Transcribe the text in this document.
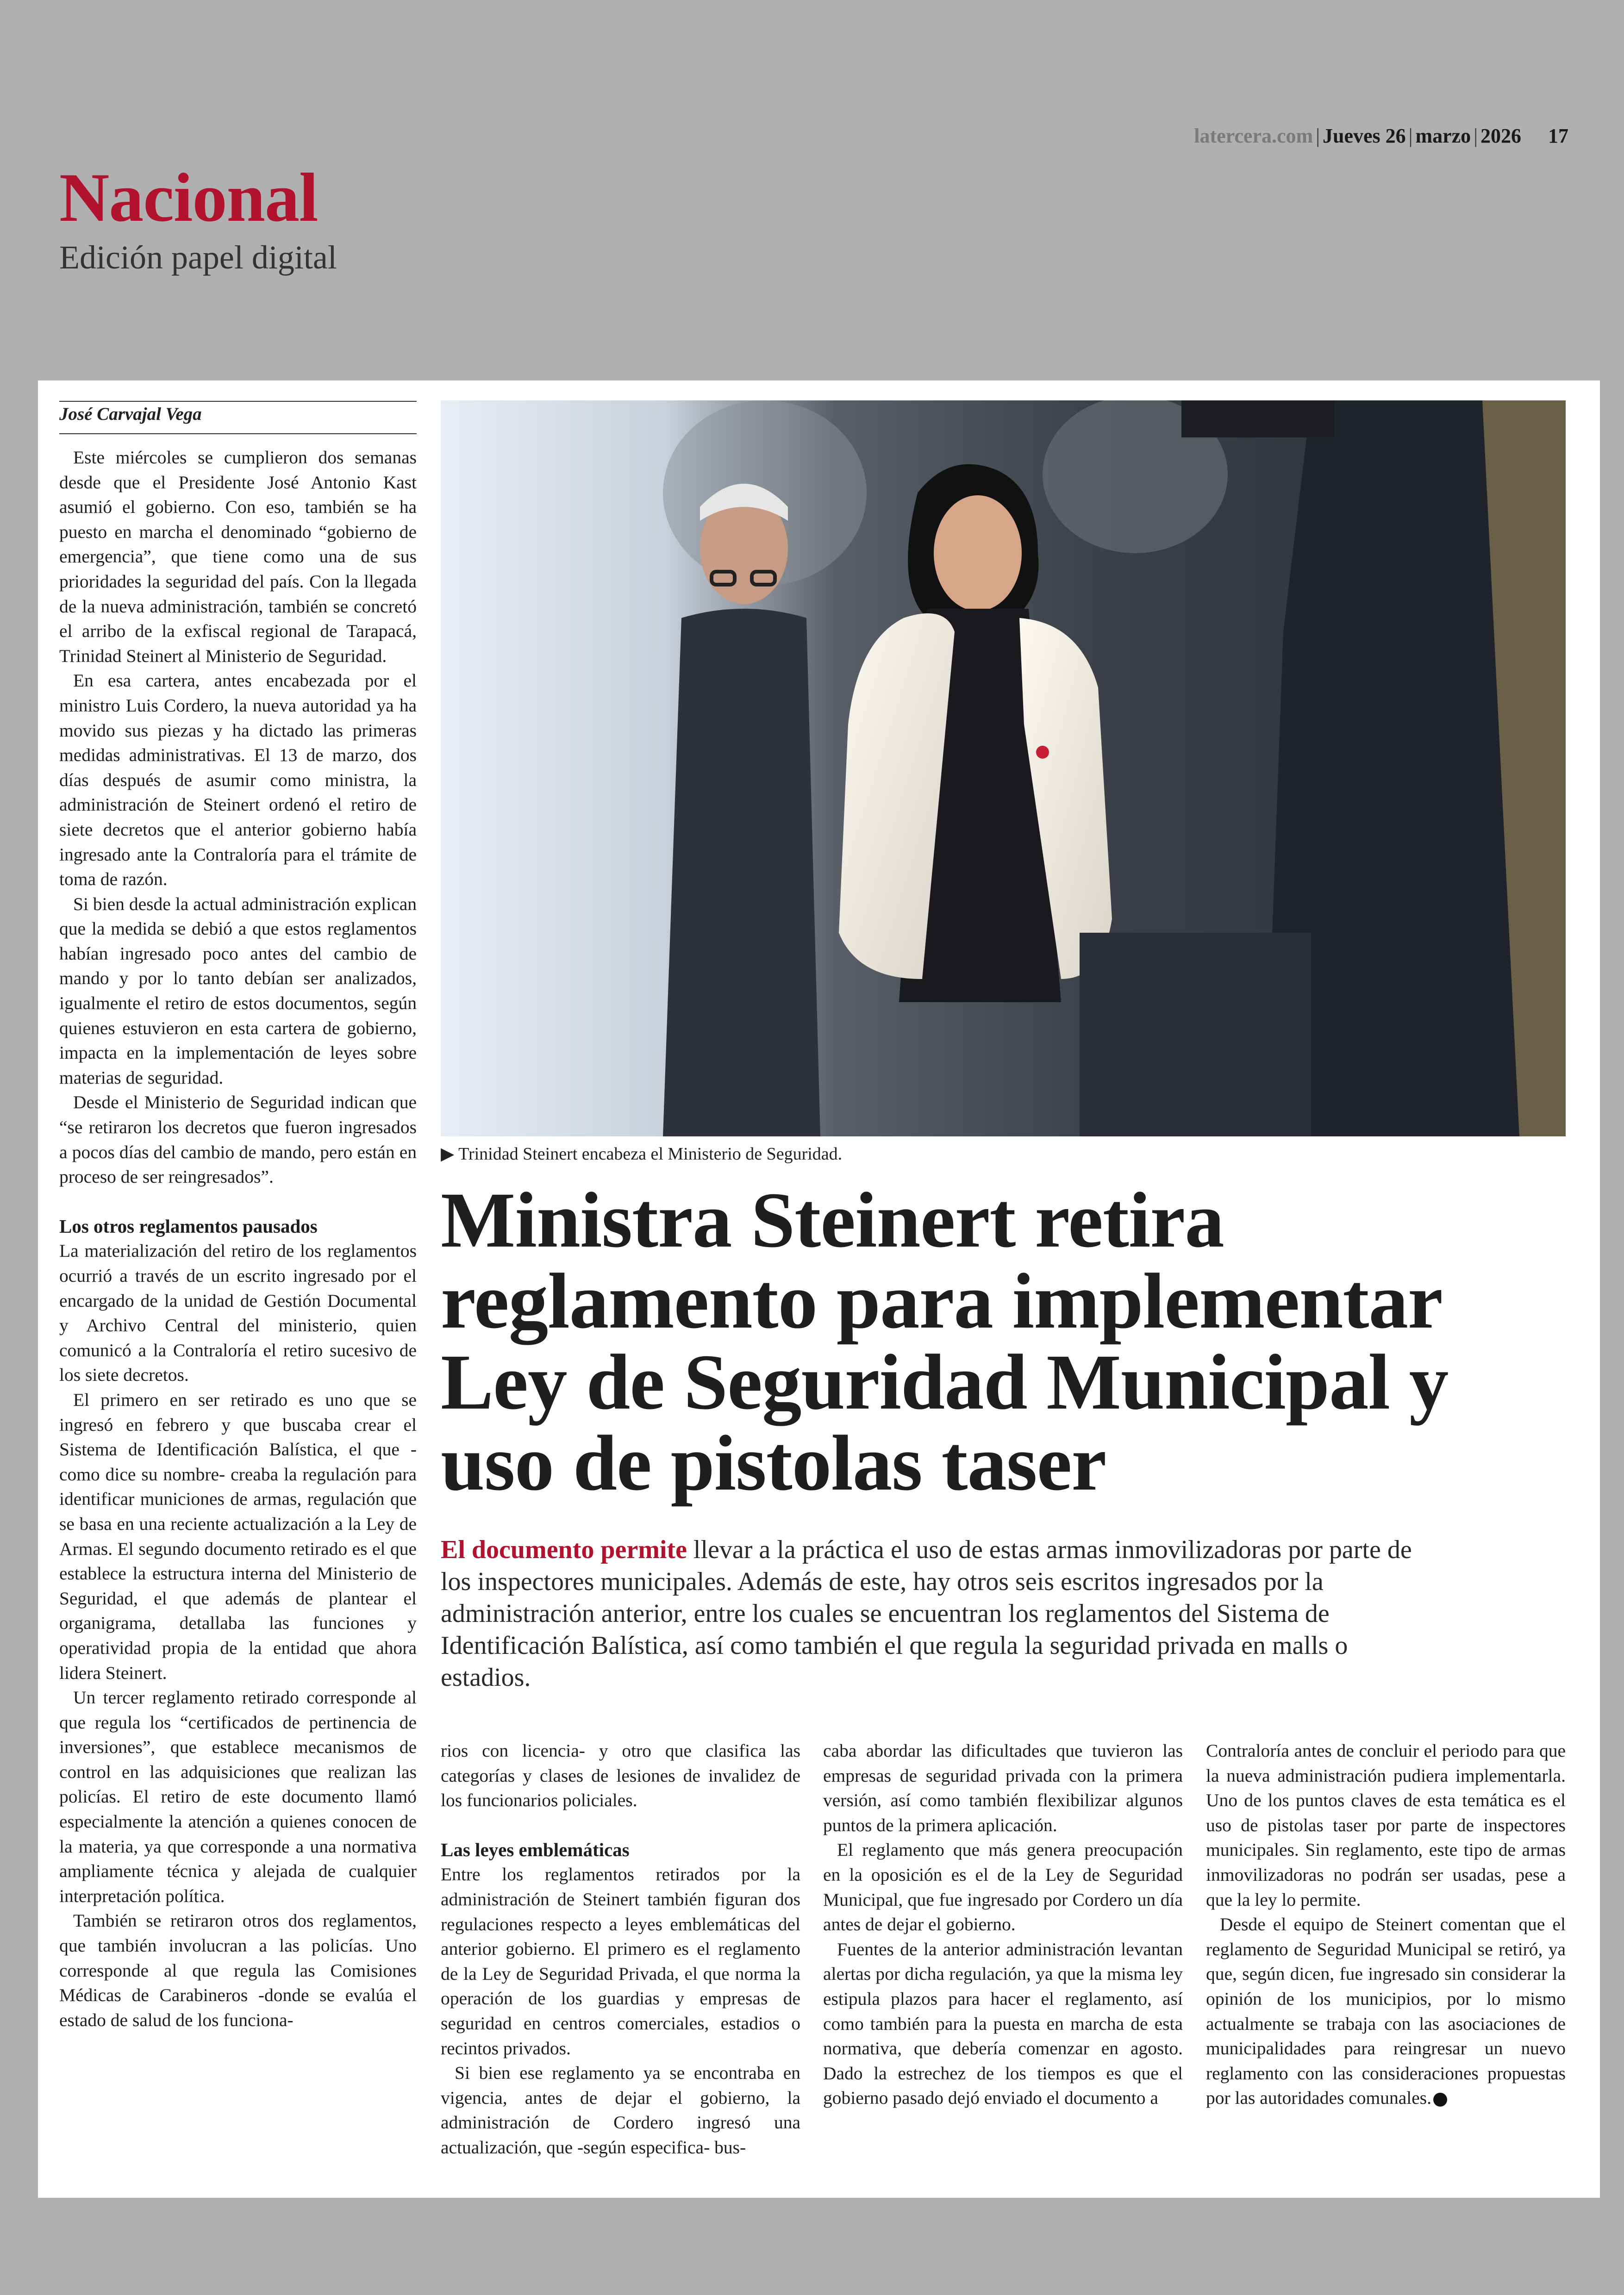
latercera.com | Jueves 26 | marzo | 2026 17
Nacional
Edición papel digital
José Carvajal Vega

Este miércoles se cumplieron dos semanas desde que el Presidente José Antonio Kast asumió el gobierno. Con eso, también se ha puesto en marcha el denominado “gobierno de emergencia”, que tiene como una de sus prioridades la seguridad del país. Con la llegada de la nueva administración, también se concretó el arribo de la exfiscal regional de Tarapacá, Trinidad Steinert al Ministerio de Seguridad.

En esa cartera, antes encabezada por el ministro Luis Cordero, la nueva autoridad ya ha movido sus piezas y ha dictado las primeras medidas administrativas. El 13 de marzo, dos días después de asumir como ministra, la administración de Steinert ordenó el retiro de siete decretos que el anterior gobierno había ingresado ante la Contraloría para el trámite de toma de razón.

Si bien desde la actual administración explican que la medida se debió a que estos reglamentos habían ingresado poco antes del cambio de mando y por lo tanto debían ser analizados, igualmente el retiro de estos documentos, según quienes estuvieron en esta cartera de gobierno, impacta en la implementación de leyes sobre materias de seguridad.

Desde el Ministerio de Seguridad indican que “se retiraron los decretos que fueron ingresados a pocos días del cambio de mando, pero están en proceso de ser reingresados”.

Los otros reglamentos pausados

La materialización del retiro de los reglamentos ocurrió a través de un escrito ingresado por el encargado de la unidad de Gestión Documental y Archivo Central del ministerio, quien comunicó a la Contraloría el retiro sucesivo de los siete decretos.

El primero en ser retirado es uno que se ingresó en febrero y que buscaba crear el Sistema de Identificación Balística, el que -como dice su nombre- creaba la regulación para identificar municiones de armas, regulación que se basa en una reciente actualización a la Ley de Armas. El segundo documento retirado es el que establece la estructura interna del Ministerio de Seguridad, el que además de plantear el organigrama, detallaba las funciones y operatividad propia de la entidad que ahora lidera Steinert.

Un tercer reglamento retirado corresponde al que regula los “certificados de pertinencia de inversiones”, que establece mecanismos de control en las adquisiciones que realizan las policías. El retiro de este documento llamó especialmente la atención a quienes conocen de la materia, ya que corresponde a una normativa ampliamente técnica y alejada de cualquier interpretación política.

También se retiraron otros dos reglamentos, que también involucran a las policías. Uno corresponde al que regula las Comisiones Médicas de Carabineros -donde se evalúa el estado de salud de los funciona-

▶ Trinidad Steinert encabeza el Ministerio de Seguridad.
Ministra Steinert retira
reglamento para implementar
Ley de Seguridad Municipal y
uso de pistolas taser

El documento permite llevar a la práctica el uso de estas armas inmovilizadoras por parte de los inspectores municipales. Además de este, hay otros seis escritos ingresados por la administración anterior, entre los cuales se encuentran los reglamentos del Sistema de Identificación Balística, así como también el que regula la seguridad privada en malls o estadios.

rios con licencia- y otro que clasifica las categorías y clases de lesiones de invalidez de los funcionarios policiales.

Las leyes emblemáticas

Entre los reglamentos retirados por la administración de Steinert también figuran dos regulaciones respecto a leyes emblemáticas del anterior gobierno. El primero es el reglamento de la Ley de Seguridad Privada, el que norma la operación de los guardias y empresas de seguridad en centros comerciales, estadios o recintos privados.

Si bien ese reglamento ya se encontraba en vigencia, antes de dejar el gobierno, la administración de Cordero ingresó una actualización, que -según especifica- bus-

caba abordar las dificultades que tuvieron las empresas de seguridad privada con la primera versión, así como también flexibilizar algunos puntos de la primera aplicación.

El reglamento que más genera preocupación en la oposición es el de la Ley de Seguridad Municipal, que fue ingresado por Cordero un día antes de dejar el gobierno.

Fuentes de la anterior administración levantan alertas por dicha regulación, ya que la misma ley estipula plazos para hacer el reglamento, así como también para la puesta en marcha de esta normativa, que debería comenzar en agosto. Dado la estrechez de los tiempos es que el gobierno pasado dejó enviado el documento a

Contraloría antes de concluir el periodo para que la nueva administración pudiera implementarla. Uno de los puntos claves de esta temática es el uso de pistolas taser por parte de inspectores municipales. Sin reglamento, este tipo de armas inmovilizadoras no podrán ser usadas, pese a que la ley lo permite.

Desde el equipo de Steinert comentan que el reglamento de Seguridad Municipal se retiró, ya que, según dicen, fue ingresado sin considerar la opinión de los municipios, por lo mismo actualmente se trabaja con las asociaciones de municipalidades para reingresar un nuevo reglamento con las consideraciones propuestas por las autoridades comunales.
